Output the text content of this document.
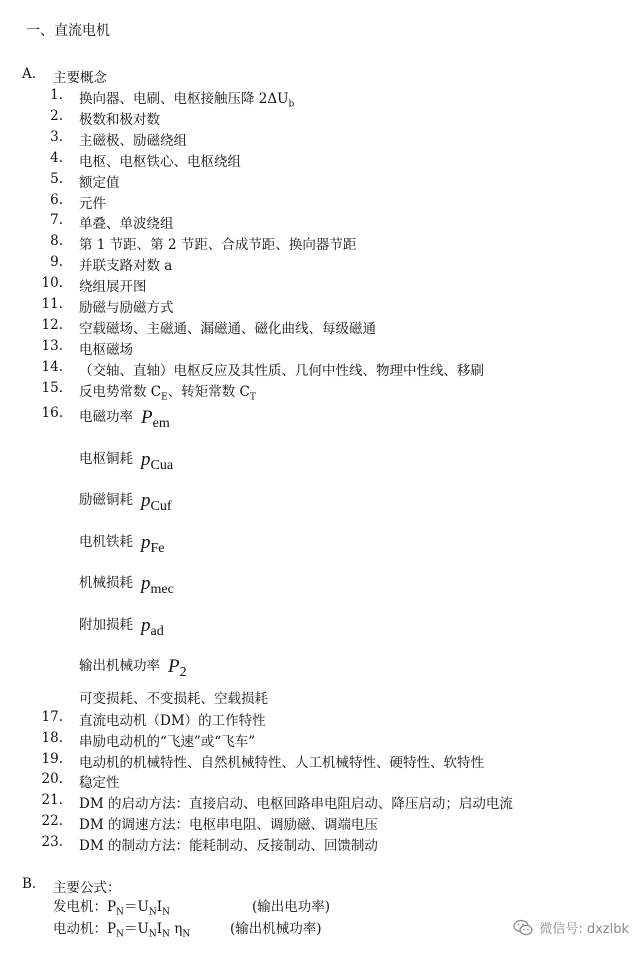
一、直流电机
A. 主要概念
1. 换向器、电刷、电枢接触压降 $2\Delta U_b$
2. 极数和极对数
3. 主磁极、励磁绕组
4. 电枢、电枢铁心、电枢绕组
5. 额定值
6. 元件
7. 单叠、单波绕组
8. 第 1 节距、第 2 节距、合成节距、换向器节距
9. 并联支路对数 a
10. 绕组展开图
11. 励磁与励磁方式
12. 空载磁场、主磁通、漏磁通、磁化曲线、每级磁通
13. 电枢磁场
14. （交轴、直轴）电枢反应及其性质、几何中性线、物理中性线、移刷
15. 反电势常数 $C_E$、转矩常数 $C_T$
16. 电磁功率 $P_{em}$
电枢铜耗 $p_{Cua}$
励磁铜耗 $p_{Cuf}$
电机铁耗 $p_{Fe}$
机械损耗 $p_{mec}$
附加损耗 $p_{ad}$
输出机械功率 $P_2$
可变损耗、不变损耗、空载损耗
17. 直流电动机（DM）的工作特性
18. 串励电动机的“飞速”或“飞车”
19. 电动机的机械特性、自然机械特性、人工机械特性、硬特性、软特性
20. 稳定性
21. DM 的启动方法：直接启动、电枢回路串电阻启动、降压启动；启动电流
22. DM 的调速方法：电枢串电阻、调励磁、调端电压
23. DM 的制动方法：能耗制动、反接制动、回馈制动
B. 主要公式：
发电机：$P_N=U_NI_N$	(输出电功率)
电动机：$P_N=U_NI_N$ $\eta_N$	(输出机械功率)	微信号: dxzlbk
